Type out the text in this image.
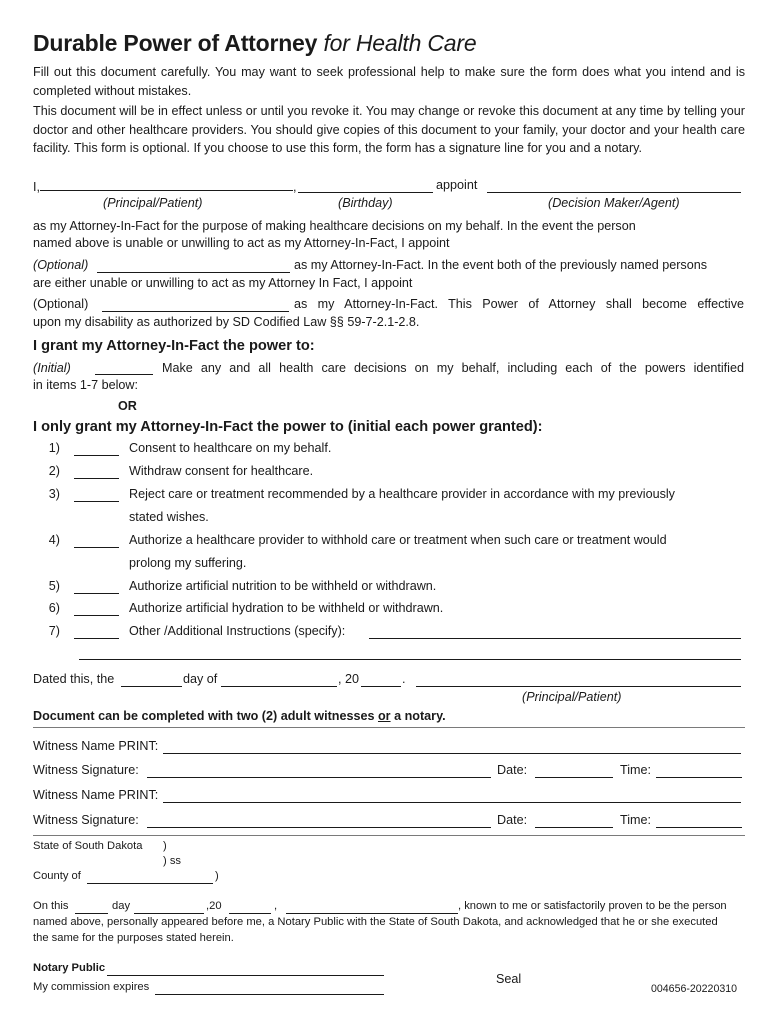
Durable Power of Attorney for Health Care
Fill out this document carefully. You may want to seek professional help to make sure the form does what you intend and is completed without mistakes.
This document will be in effect unless or until you revoke it. You may change or revoke this document at any time by telling your doctor and other healthcare providers. You should give copies of this document to your family, your doctor and your health care facility. This form is optional. If you choose to use this form, the form has a signature line for you and a notary.
I,	,	appoint
(Principal/Patient)	(Birthday)	(Decision Maker/Agent)
as my Attorney-In-Fact for the purpose of making healthcare decisions on my behalf. In the event the person
named above is unable or unwilling to act as my Attorney-In-Fact, I appoint
(Optional)	as my Attorney-In-Fact. In the event both of the previously named persons
are either unable or unwilling to act as my Attorney In Fact, I appoint
(Optional)	as my Attorney-In-Fact. This Power of Attorney shall become effective
upon my disability as authorized by SD Codified Law §§ 59-7-2.1-2.8.
I grant my Attorney-In-Fact the power to:
(Initial)	Make any and all health care decisions on my behalf, including each of the powers identified
in items 1-7 below:
OR
I only grant my Attorney-In-Fact the power to (initial each power granted):
1)	Consent to healthcare on my behalf.
2)	Withdraw consent for healthcare.
3)	Reject care or treatment recommended by a healthcare provider in accordance with my previously
stated wishes.
4)	Authorize a healthcare provider to withhold care or treatment when such care or treatment would
prolong my suffering.
5)	Authorize artificial nutrition to be withheld or withdrawn.
6)	Authorize artificial hydration to be withheld or withdrawn.
7)	Other /Additional Instructions (specify):
Dated this, the	day of	, 20	.
(Principal/Patient)
Document can be completed with two (2) adult witnesses or a notary.
Witness Name PRINT:
Witness Signature:	Date:	Time:
Witness Name PRINT:
Witness Signature:	Date:	Time:
State of South Dakota )
) ss
County of	)
On this	day	,20	,	, known to me or satisfactorily proven to be the person
named above, personally appeared before me, a Notary Public with the State of South Dakota, and acknowledged that he or she executed
the same for the purposes stated herein.
Notary Public
My commission expires
Seal
004656-20220310
